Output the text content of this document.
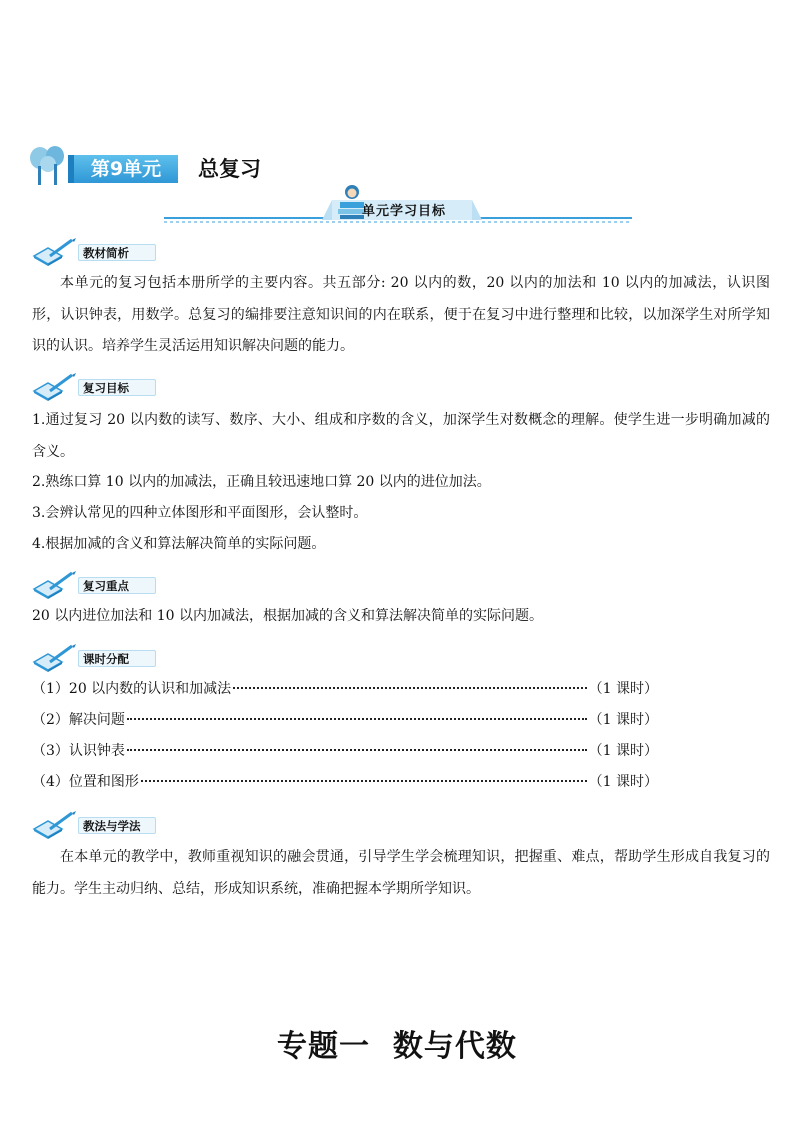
第9单元	总复习
单元学习目标
教材简析
本单元的复习包括本册所学的主要内容。共五部分: 20 以内的数，20 以内的加法和 10 以内的加减法，认识图形，认识钟表，用数学。总复习的编排要注意知识间的内在联系，便于在复习中进行整理和比较，以加深学生对所学知识的认识。培养学生灵活运用知识解决问题的能力。
复习目标
1.通过复习 20 以内数的读写、数序、大小、组成和序数的含义，加深学生对数概念的理解。使学生进一步明确加减的含义。
2.熟练口算 10 以内的加减法，正确且较迅速地口算 20 以内的进位加法。
3.会辨认常见的四种立体图形和平面图形，会认整时。
4.根据加减的含义和算法解决简单的实际问题。
复习重点
20 以内进位加法和 10 以内加减法，根据加减的含义和算法解决简单的实际问题。
课时分配
（1）20 以内数的认识和加减法	（1 课时）
（2）解决问题	（1 课时）
（3）认识钟表	（1 课时）
（4）位置和图形	（1 课时）
教法与学法
在本单元的教学中，教师重视知识的融会贯通，引导学生学会梳理知识，把握重、难点，帮助学生形成自我复习的能力。学生主动归纳、总结，形成知识系统，准确把握本学期所学知识。
专题一  数与代数
